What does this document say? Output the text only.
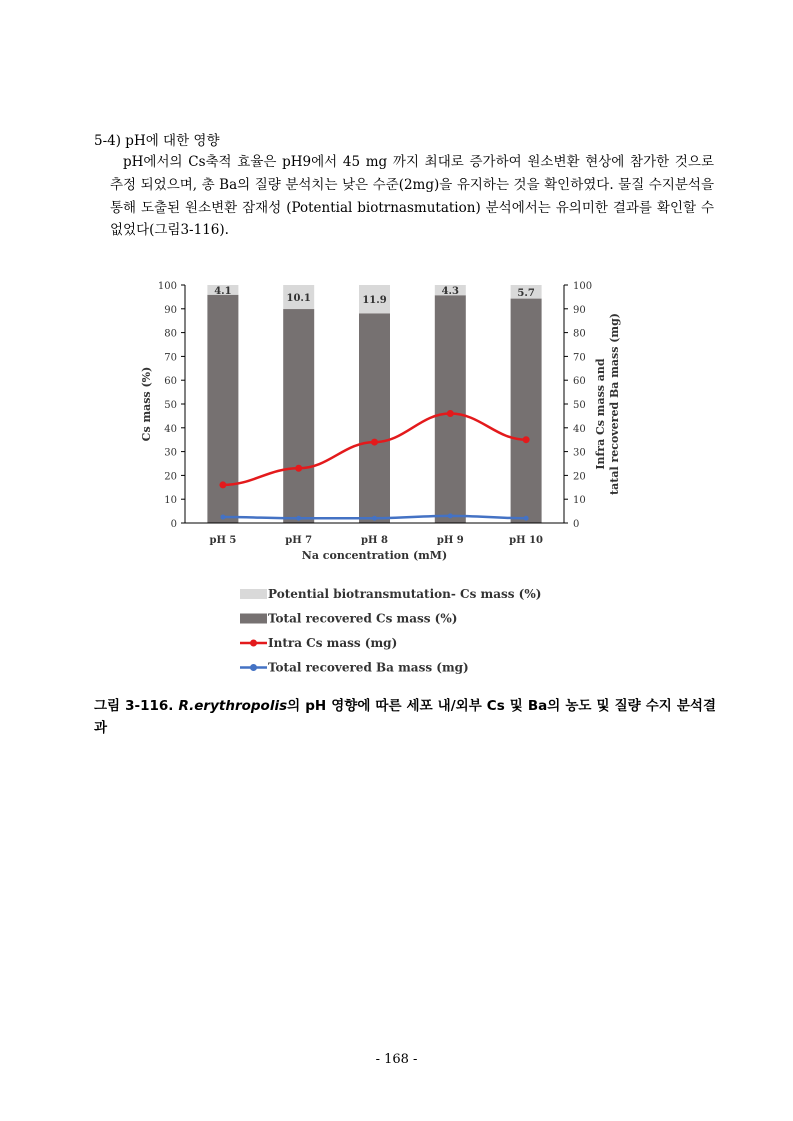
5-4) pH에 대한 영향
pH에서의 Cs축적 효율은 pH9에서 45 mg 까지 최대로 증가하여 원소변환 현상에 참가한 것으로 추정 되었으며, 총 Ba의 질량 분석치는 낮은 수준(2mg)을 유지하는 것을 확인하였다. 물질 수지분석을 통해 도출된 원소변환 잠재성 (Potential biotrnasmutation) 분석에서는 유의미한 결과를 확인할 수 없었다(그림3-116).
4.1
10.1	11.9
4.3	5.7
0	0
10	10
20	20
30	30
40	40
50	50
60	60
70	70
80	80
90	90
100	100
pH 5	pH 7	pH 8	pH 9	pH 10
Na concentration (mM)
Cs mass (%)	Infra Cs mass and tatal recovered Ba mass (mg)
Potential biotransmutation- Cs mass (%)
Total recovered Cs mass (%)
Intra Cs mass (mg)
Total recovered Ba mass (mg)
그림 3-116. R.erythropolis의 pH 영향에 따른 세포 내/외부 Cs 및 Ba의 농도 및 질량 수지 분석결과
- 168 -
